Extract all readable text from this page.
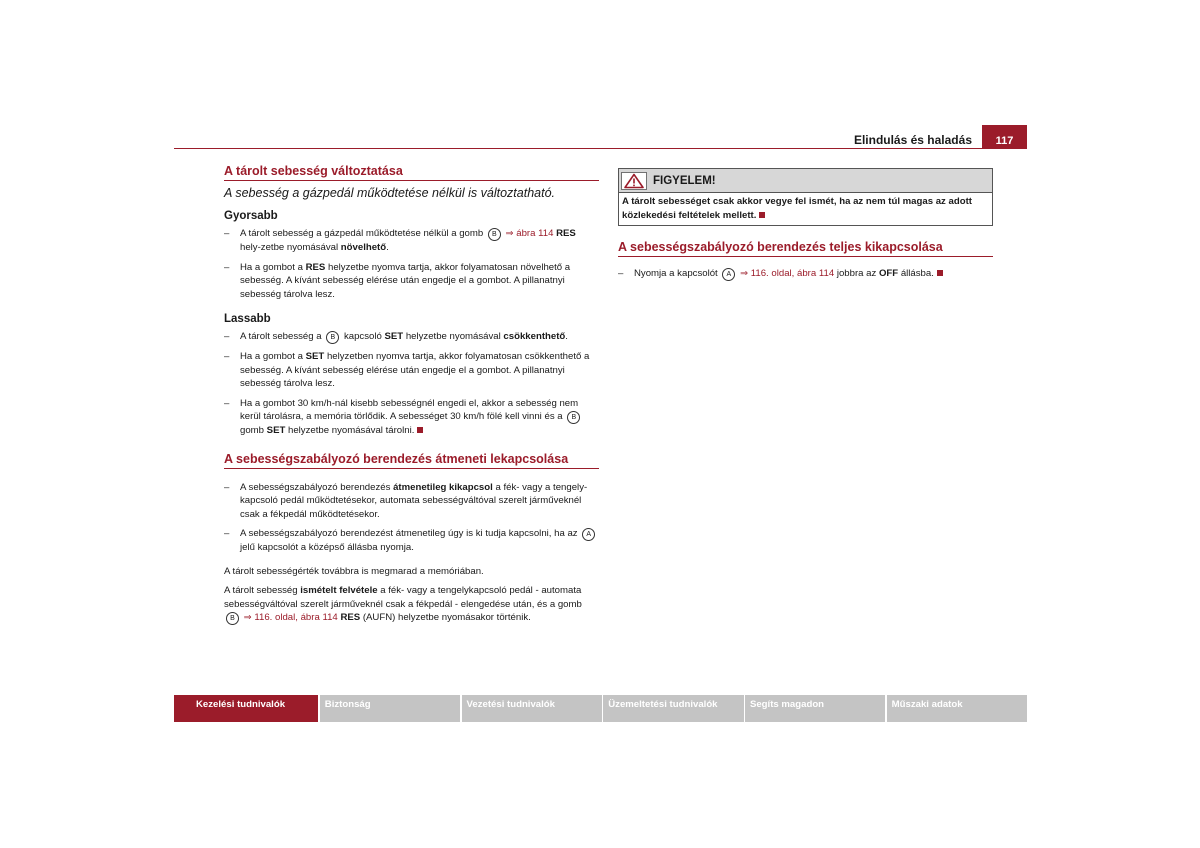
Elindulás és haladás	117
A tárolt sebesség változtatása
A sebesség a gázpedál működtetése nélkül is változtatható.
Gyorsabb
– A tárolt sebesség a gázpedál működtetése nélkül a gomb B ⇒ ábra 114 RES hely-zetbe nyomásával növelhető.
– Ha a gombot a RES helyzetbe nyomva tartja, akkor folyamatosan növelhető a sebesség. A kívánt sebesség elérése után engedje el a gombot. A pillanatnyi sebesség tárolva lesz.
Lassabb
– A tárolt sebesség a B kapcsoló SET helyzetbe nyomásával csökkenthető.
– Ha a gombot a SET helyzetben nyomva tartja, akkor folyamatosan csökkenthető a sebesség. A kívánt sebesség elérése után engedje el a gombot. A pillanatnyi sebesség tárolva lesz.
– Ha a gombot 30 km/h-nál kisebb sebességnél engedi el, akkor a sebesség nem kerül tárolásra, a memória törlődik. A sebességet 30 km/h fölé kell vinni és a B gomb SET helyzetbe nyomásával tárolni.
A sebességszabályozó berendezés átmeneti lekapcsolása
– A sebességszabályozó berendezés átmenetileg kikapcsol a fék- vagy a tengely-kapcsoló pedál működtetésekor, automata sebességváltóval szerelt járműveknél csak a fékpedál működtetésekor.
– A sebességszabályozó berendezést átmenetileg úgy is ki tudja kapcsolni, ha az A jelű kapcsolót a középső állásba nyomja.
A tárolt sebességérték továbbra is megmarad a memóriában.
A tárolt sebesség ismételt felvétele a fék- vagy a tengelykapcsoló pedál - automata sebességváltóval szerelt járműveknél csak a fékpedál - elengedése után, és a gomb B ⇒ 116. oldal, ábra 114 RES (AUFN) helyzetbe nyomásakor történik.
FIGYELEM!
A tárolt sebességet csak akkor vegye fel ismét, ha az nem túl magas az adott közlekedési feltételek mellett.
A sebességszabályozó berendezés teljes kikapcsolása
– Nyomja a kapcsolót A ⇒ 116. oldal, ábra 114 jobbra az OFF állásba.
Kezelési tudnivalók	Biztonság	Vezetési tudnivalók	Üzemeltetési tudnivalók	Segíts magadon	Műszaki adatok
